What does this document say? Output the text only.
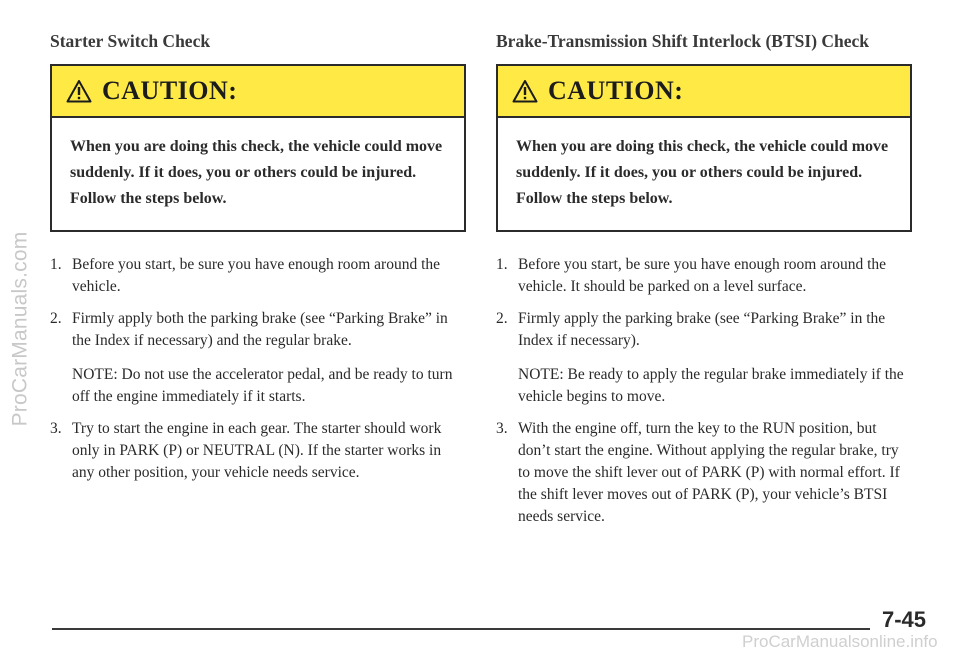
ProCarManuals.com
Starter Switch Check
CAUTION:
When you are doing this check, the vehicle could move suddenly. If it does, you or others could be injured. Follow the steps below.
1. Before you start, be sure you have enough room around the vehicle.
2. Firmly apply both the parking brake (see “Parking Brake” in the Index if necessary) and the regular brake.
NOTE: Do not use the accelerator pedal, and be ready to turn off the engine immediately if it starts.
3. Try to start the engine in each gear. The starter should work only in PARK (P) or NEUTRAL (N). If the starter works in any other position, your vehicle needs service.
Brake-Transmission Shift Interlock (BTSI) Check
CAUTION:
When you are doing this check, the vehicle could move suddenly. If it does, you or others could be injured. Follow the steps below.
1. Before you start, be sure you have enough room around the vehicle. It should be parked on a level surface.
2. Firmly apply the parking brake (see “Parking Brake” in the Index if necessary).
NOTE: Be ready to apply the regular brake immediately if the vehicle begins to move.
3. With the engine off, turn the key to the RUN position, but don’t start the engine. Without applying the regular brake, try to move the shift lever out of PARK (P) with normal effort. If the shift lever moves out of PARK (P), your vehicle’s BTSI needs service.
7-45
ProCarManualsonline.info
